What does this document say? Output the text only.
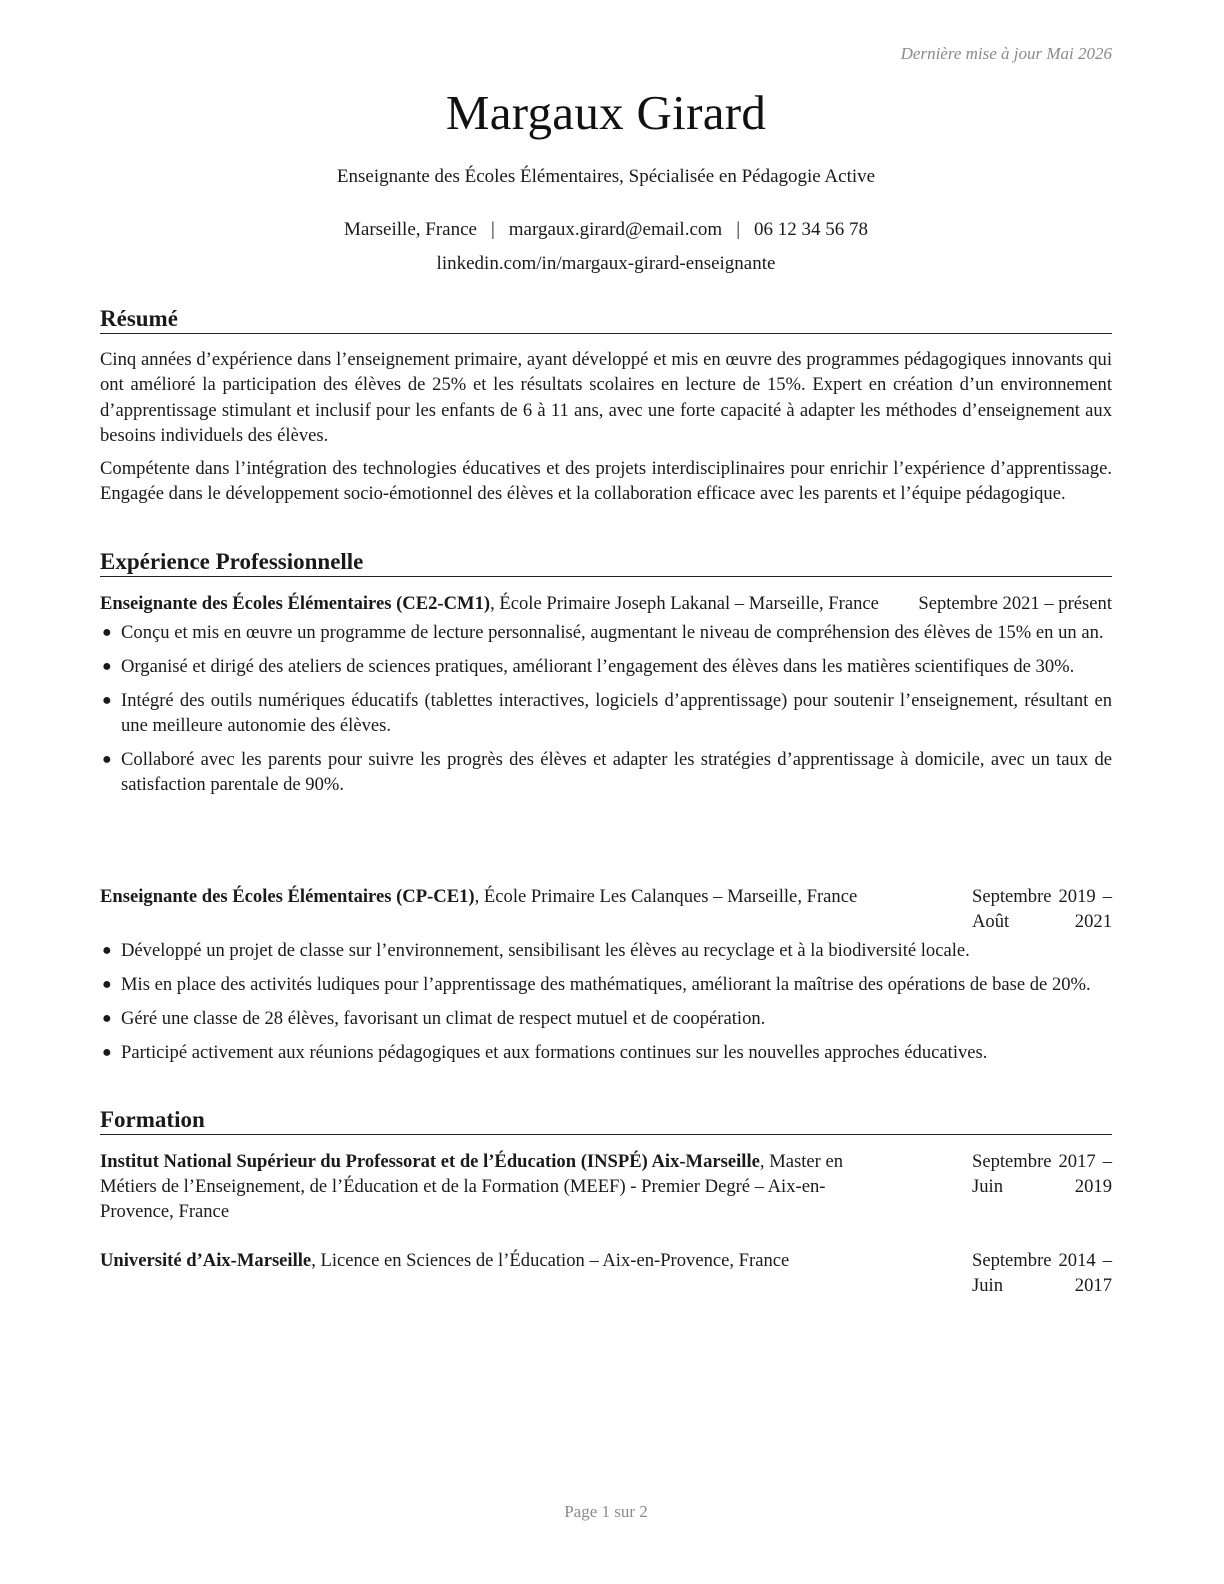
Dernière mise à jour Mai 2026
Margaux Girard
Enseignante des Écoles Élémentaires, Spécialisée en Pédagogie Active
Marseille, France | margaux.girard@email.com | 06 12 34 56 78
linkedin.com/in/margaux-girard-enseignante
Résumé
Cinq années d’expérience dans l’enseignement primaire, ayant développé et mis en œuvre des programmes pédagogiques innovants qui ont amélioré la participation des élèves de 25% et les résultats scolaires en lecture de 15%. Expert en création d’un environnement d’apprentissage stimulant et inclusif pour les enfants de 6 à 11 ans, avec une forte capacité à adapter les méthodes d’enseignement aux besoins individuels des élèves.
Compétente dans l’intégration des technologies éducatives et des projets interdisciplinaires pour enrichir l’expérience d’apprentissage. Engagée dans le développement socio-émotionnel des élèves et la collaboration efficace avec les parents et l’équipe pédagogique.
Expérience Professionnelle
Enseignante des Écoles Élémentaires (CE2-CM1), École Primaire Joseph Lakanal – Marseille, France
● Conçu et mis en œuvre un programme de lecture personnalisé, augmentant le niveau de compréhension des élèves de 15% en un an.
● Organisé et dirigé des ateliers de sciences pratiques, améliorant l’engagement des élèves dans les matières scientifiques de 30%.
● Intégré des outils numériques éducatifs (tablettes interactives, logiciels d’apprentissage) pour soutenir l’enseignement, résultant en une meilleure autonomie des élèves.
● Collaboré avec les parents pour suivre les progrès des élèves et adapter les stratégies d’apprentissage à domicile, avec un taux de satisfaction parentale de 90%.
Septembre 2021 – présent
Enseignante des Écoles Élémentaires (CP-CE1), École Primaire Les Calanques – Marseille, France	Septembre 2019 – Août 2021
● Développé un projet de classe sur l’environnement, sensibilisant les élèves au recyclage et à la biodiversité locale.
● Mis en place des activités ludiques pour l’apprentissage des mathématiques, améliorant la maîtrise des opérations de base de 20%.
● Géré une classe de 28 élèves, favorisant un climat de respect mutuel et de coopération.
● Participé activement aux réunions pédagogiques et aux formations continues sur les nouvelles approches éducatives.
Formation
Institut National Supérieur du Professorat et de l’Éducation (INSPÉ) Aix-Marseille, Master en Métiers de l’Enseignement, de l’Éducation et de la Formation (MEEF) - Premier Degré – Aix-en-Provence, France
Septembre 2017 – Juin 2019
Université d’Aix-Marseille, Licence en Sciences de l’Éducation – Aix-en-Provence, France	Septembre 2014 – Juin 2017
Page 1 sur 2
